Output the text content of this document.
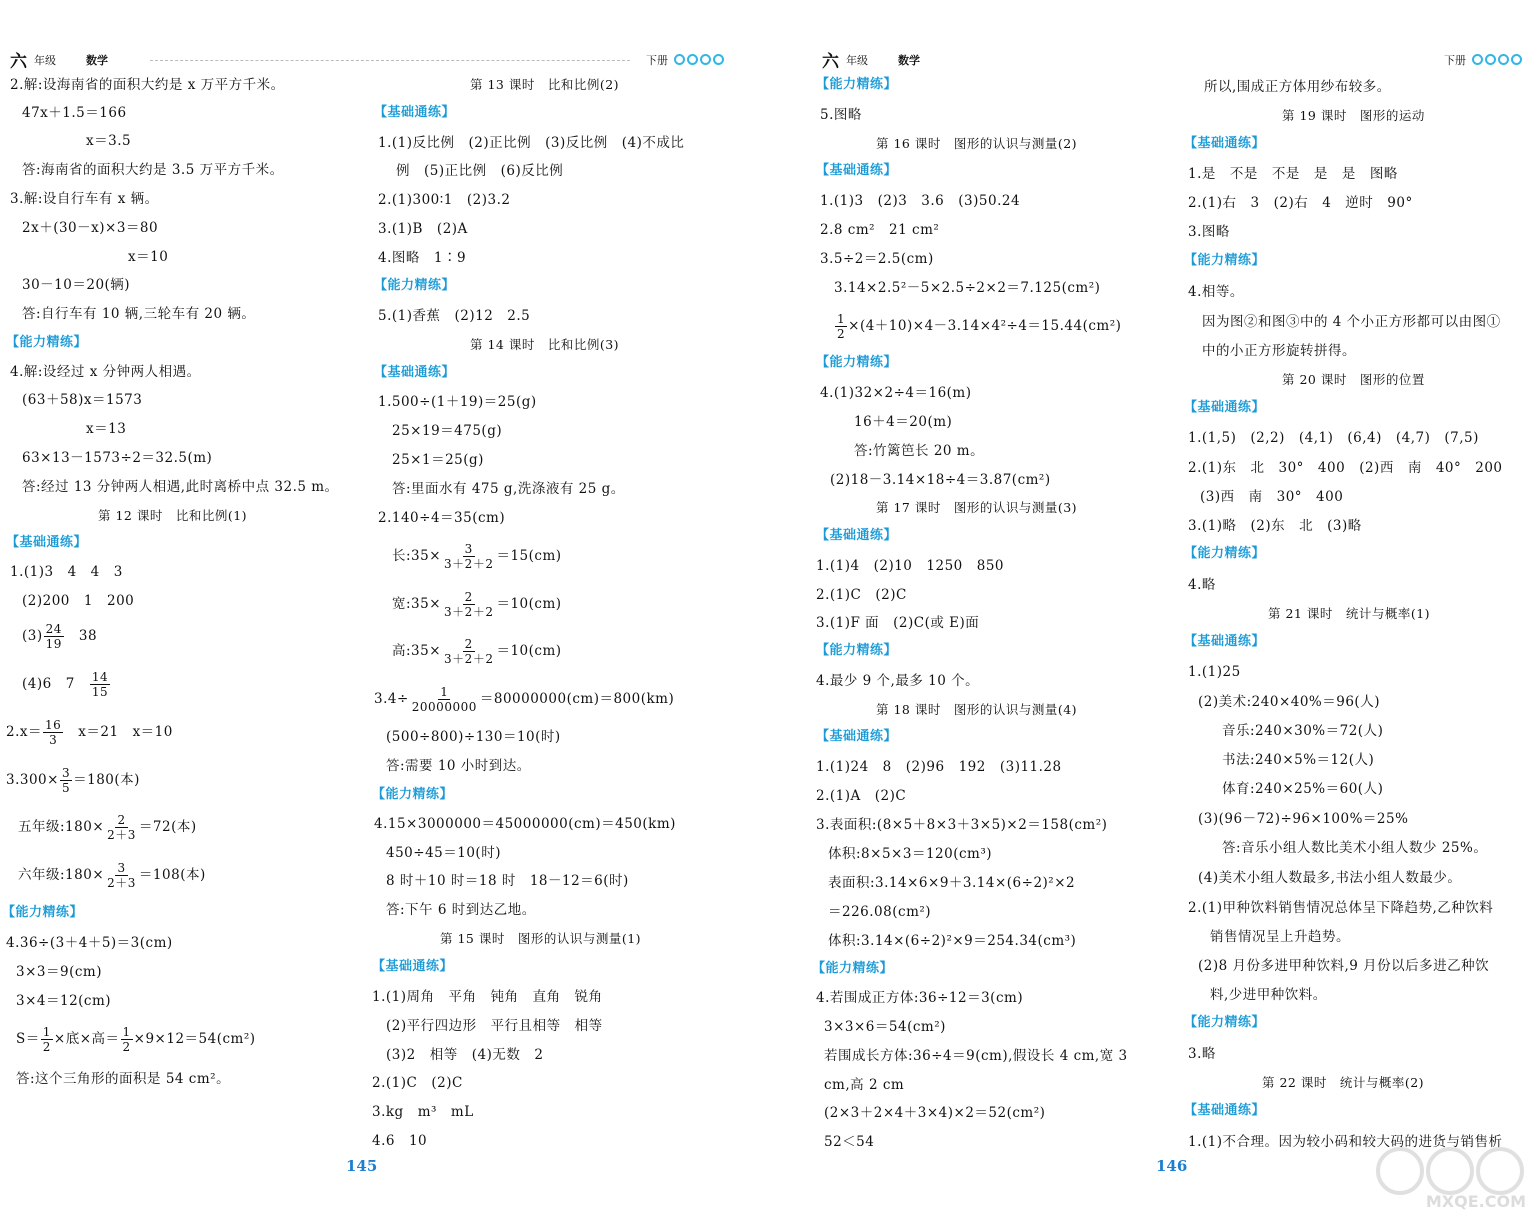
六 年级	数学	下册
2.解:设海南省的面积大约是 x 万平方千米。
47x＋1.5＝166
x＝3.5
答:海南省的面积大约是 3.5 万平方千米。
3.解:设自行车有 x 辆。
2x＋(30－x)×3＝80
x＝10
30－10＝20(辆)
答:自行车有 10 辆,三轮车有 20 辆。
【能力精练】
4.解:设经过 x 分钟两人相遇。
(63＋58)x＝1573
x＝13
63×13－1573÷2＝32.5(m)
答:经过 13 分钟两人相遇,此时离桥中点 32.5 m。
第 12 课时　比和比例(1)
【基础通练】
1.(1)3　4　4　3
(2)200　1　200
$(3) \frac{24}{19}$
　 38
(4)6　7　 $\frac{14}{15}$
$2.x= \frac{16}{3}$
　 x＝21　x＝10
$3.300\times \frac{3}{5} =180$(本)
五年级:180× $\frac{2}{2+3} =72$(本)
六年级:180× $\frac{3}{2+3} =108$(本)
【能力精练】
4.36÷(3＋4＋5)＝3(cm)
3×3＝9(cm)
3×4＝12(cm)
$S= \frac{1}{2}$ ×底×高＝ $\frac{1}{2} \times 9\times 12=54(cm^2)$
答:这个三角形的面积是 54 cm²。
第 13 课时　比和比例(2)
【基础通练】
1.(1)反比例　(2)正比例　(3)反比例　(4)不成比
例　(5)正比例　(6)反比例
2.(1)300∶1　(2)3.2
3.(1)B　(2)A
4.图略　1∶9
【能力精练】
5.(1)香蕉　(2)12　2.5
第 14 课时　比和比例(3)
【基础通练】
1.500÷(1＋19)＝25(g)
25×19＝475(g)
25×1＝25(g)
答:里面水有 475 g,洗涤液有 25 g。
2.140÷4＝35(cm)
长:35× $\frac{3}{3+2+2} =15(cm)$
宽:35× $\frac{2}{3+2+2} =10(cm)$
高:35× $\frac{2}{3+2+2} =10(cm)$
$3.4\div \frac{1}{20000000} =80000000(cm)=800(km)$
(500÷800)÷130＝10(时)
答:需要 10 小时到达。
【能力精练】
4.15×3000000＝45000000(cm)＝450(km)
450÷45＝10(时)
8 时＋10 时＝18 时　18－12＝6(时)
答:下午 6 时到达乙地。
第 15 课时　图形的认识与测量(1)
【基础通练】
1.(1)周角　平角　钝角　直角　锐角
(2)平行四边形　平行且相等　相等
(3)2　相等　(4)无数　2
2.(1)C　(2)C
3.kg　m³　mL
4.6　10
145
六 年级	数学	下册
【能力精练】
5.图略
第 16 课时　图形的认识与测量(2)
【基础通练】
1.(1)3　(2)3　3.6　(3)50.24
2.8 cm²　21 cm²
3.5÷2＝2.5(cm)
3.14×2.5²－5×2.5÷2×2＝7.125(cm²)
$\frac{1}{2} \times(4+10)\times 4-3.14\times 4^2\div 4=15.44(cm^2)$
【能力精练】
4.(1)32×2÷4＝16(m)
16＋4＝20(m)
答:竹篱笆长 20 m。
(2)18－3.14×18÷4＝3.87(cm²)
第 17 课时　图形的认识与测量(3)
【基础通练】
1.(1)4　(2)10　1250　850
2.(1)C　(2)C
3.(1)F 面　(2)C(或 E)面
【能力精练】
4.最少 9 个,最多 10 个。
第 18 课时　图形的认识与测量(4)
【基础通练】
1.(1)24　8　(2)96　192　(3)11.28
2.(1)A　(2)C
3.表面积:(8×5＋8×3＋3×5)×2＝158(cm²)
体积:8×5×3＝120(cm³)
表面积:3.14×6×9＋3.14×(6÷2)²×2
＝226.08(cm²)
体积:3.14×(6÷2)²×9＝254.34(cm³)
【能力精练】
4.若围成正方体:36÷12＝3(cm)
3×3×6＝54(cm²)
若围成长方体:36÷4＝9(cm),假设长 4 cm,宽 3
cm,高 2 cm
(2×3＋2×4＋3×4)×2＝52(cm²)
52＜54
所以,围成正方体用纱布较多。
第 19 课时　图形的运动
【基础通练】
1.是　不是　不是　是　是　图略
2.(1)右　3　(2)右　4　逆时　90°
3.图略
【能力精练】
4.相等。
因为图②和图③中的 4 个小正方形都可以由图①
中的小正方形旋转拼得。
第 20 课时　图形的位置
【基础通练】
1.(1,5)　(2,2)　(4,1)　(6,4)　(4,7)　(7,5)
2.(1)东　北　30°　400　(2)西　南　40°　200
(3)西　南　30°　400
3.(1)略　(2)东　北　(3)略
【能力精练】
4.略
第 21 课时　统计与概率(1)
【基础通练】
1.(1)25
(2)美术:240×40%＝96(人)
音乐:240×30%＝72(人)
书法:240×5%＝12(人)
体育:240×25%＝60(人)
(3)(96－72)÷96×100%＝25%
答:音乐小组人数比美术小组人数少 25%。
(4)美术小组人数最多,书法小组人数最少。
2.(1)甲种饮料销售情况总体呈下降趋势,乙种饮料
销售情况呈上升趋势。
(2)8 月份多进甲种饮料,9 月份以后多进乙种饮
料,少进甲种饮料。
【能力精练】
3.略
第 22 课时　统计与概率(2)
【基础通练】
1.(1)不合理。因为较小码和较大码的进货与销售析
146
MXQE.COM
